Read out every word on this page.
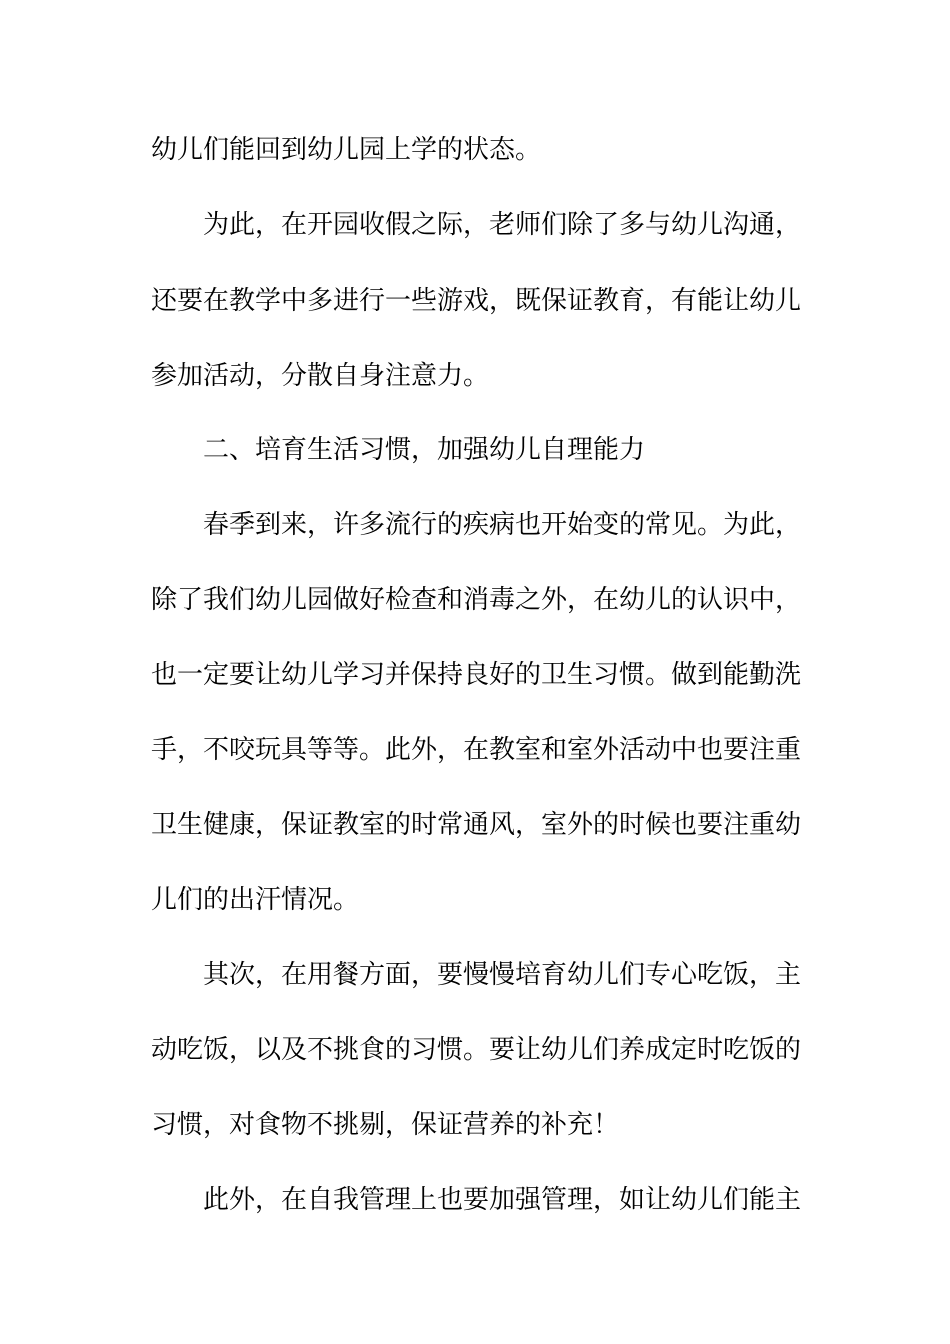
幼儿们能回到幼儿园上学的状态。
为此，在开园收假之际，老师们除了多与幼儿沟通，
还要在教学中多进行一些游戏，既保证教育，有能让幼儿
参加活动，分散自身注意力。
二、培育生活习惯，加强幼儿自理能力
春季到来，许多流行的疾病也开始变的常见。为此，
除了我们幼儿园做好检查和消毒之外，在幼儿的认识中，
也一定要让幼儿学习并保持良好的卫生习惯。做到能勤洗
手，不咬玩具等等。此外，在教室和室外活动中也要注重
卫生健康，保证教室的时常通风，室外的时候也要注重幼
儿们的出汗情况。
其次，在用餐方面，要慢慢培育幼儿们专心吃饭，主
动吃饭，以及不挑食的习惯。要让幼儿们养成定时吃饭的
习惯，对食物不挑剔，保证营养的补充！
此外，在自我管理上也要加强管理，如让幼儿们能主
